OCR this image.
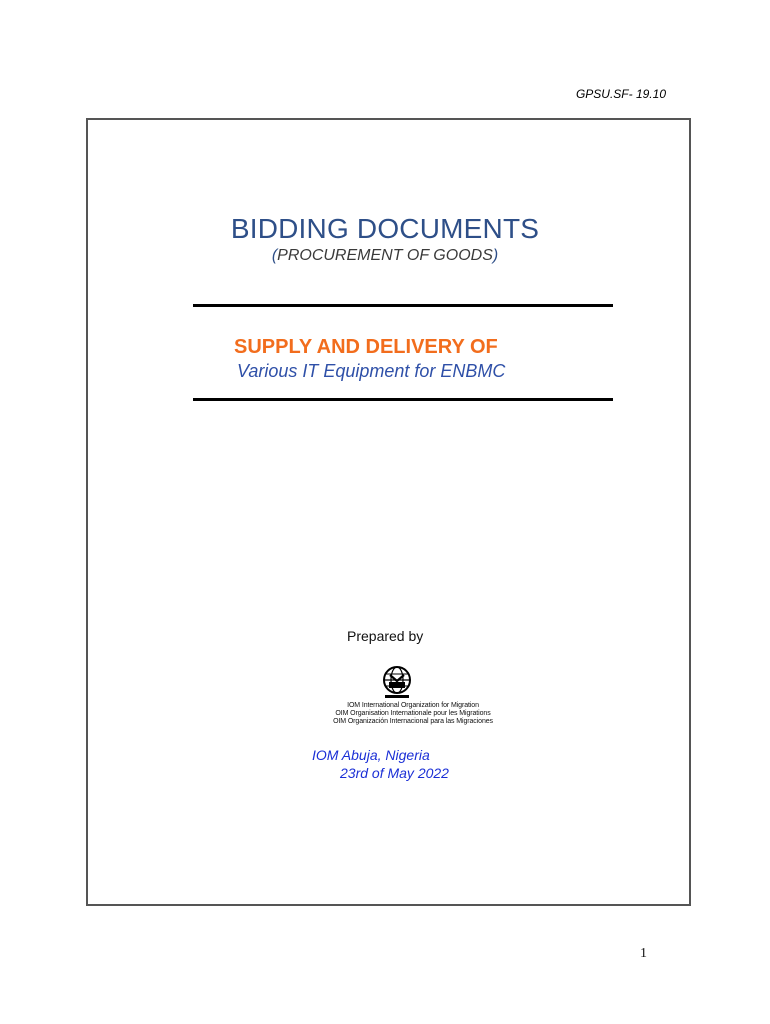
GPSU.SF- 19.10
BIDDING DOCUMENTS
(PROCUREMENT OF GOODS)
SUPPLY AND DELIVERY OF
Various IT Equipment for ENBMC
Prepared by
IOM International Organization for Migration
OIM Organisation Internationale pour les Migrations
OIM Organización Internacional para las Migraciones
IOM Abuja, Nigeria
23rd of May 2022
1
